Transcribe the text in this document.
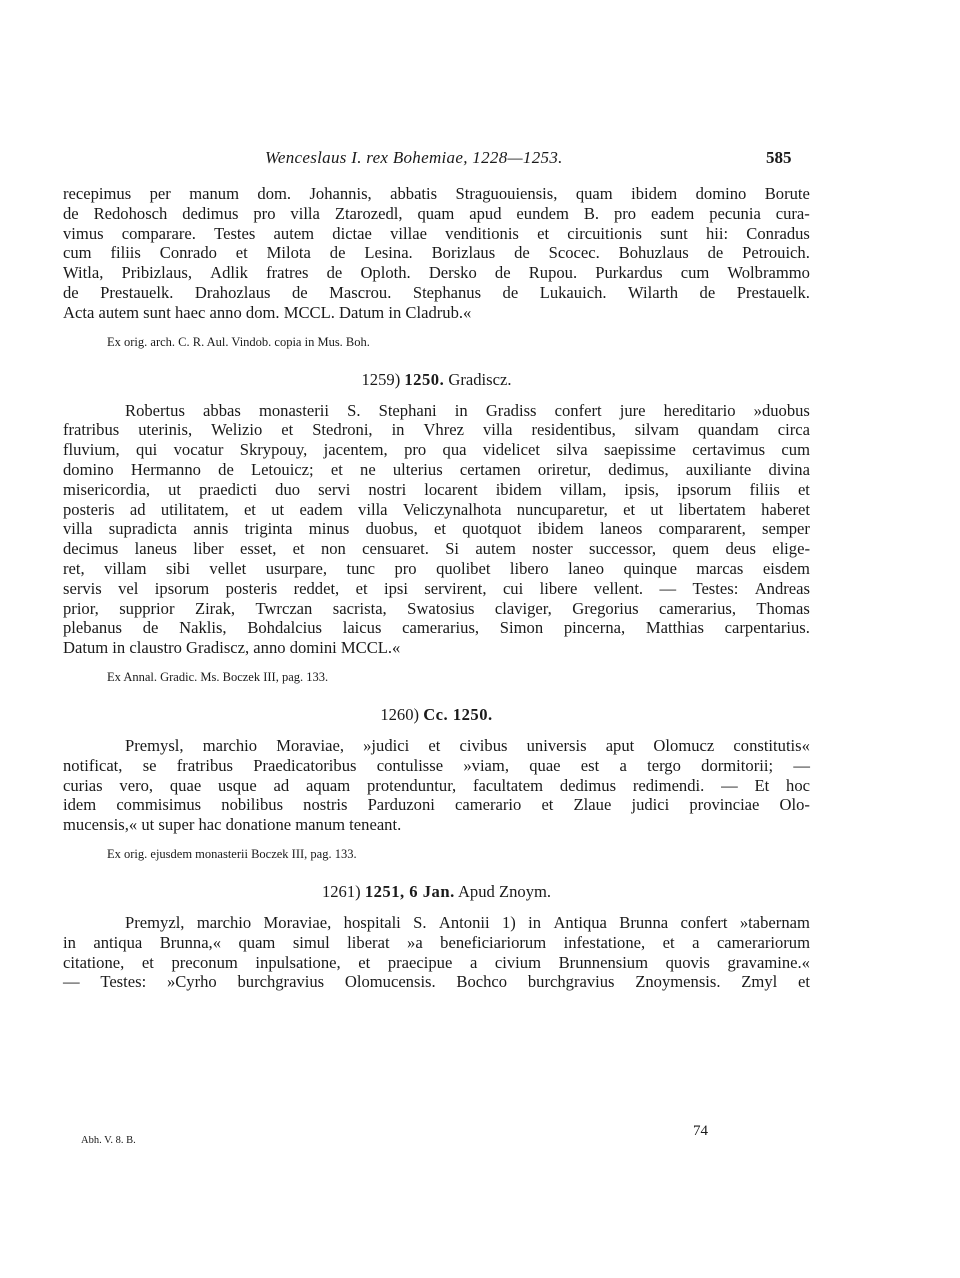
Wenceslaus I. rex Bohemiae, 1228—1253.	585
recepimus per manum dom. Johannis, abbatis Straguouiensis, quam ibidem domino Borute
de Redohosch dedimus pro villa Ztarozedl, quam apud eundem B. pro eadem pecunia cura-
vimus comparare. Testes autem dictae villae venditionis et circuitionis sunt hii: Conradus
cum filiis Conrado et Milota de Lesina. Borizlaus de Scocec. Bohuzlaus de Petrouich.
Witla, Pribizlaus, Adlik fratres de Oploth. Dersko de Rupou. Purkardus cum Wolbrammo
de Prestauelk. Drahozlaus de Mascrou. Stephanus de Lukauich. Wilarth de Prestauelk.
Acta autem sunt haec anno dom. MCCL. Datum in Cladrub.«
Ex orig. arch. C. R. Aul. Vindob. copia in Mus. Boh.
1259) 1250. Gradiscz.
Robertus abbas monasterii S. Stephani in Gradiss confert jure hereditario »duobus
fratribus uterinis, Welizio et Stedroni, in Vhrez villa residentibus, silvam quandam circa
fluvium, qui vocatur Skrypouy, jacentem, pro qua videlicet silva saepissime certavimus cum
domino Hermanno de Letouicz; et ne ulterius certamen oriretur, dedimus, auxiliante divina
misericordia, ut praedicti duo servi nostri locarent ibidem villam, ipsis, ipsorum filiis et
posteris ad utilitatem, et ut eadem villa Veliczynalhota nuncuparetur, et ut libertatem haberet
villa supradicta annis triginta minus duobus, et quotquot ibidem laneos compararent, semper
decimus laneus liber esset, et non censuaret. Si autem noster successor, quem deus elige-
ret, villam sibi vellet usurpare, tunc pro quolibet libero laneo quinque marcas eisdem
servis vel ipsorum posteris reddet, et ipsi servirent, cui libere vellent. — Testes: Andreas
prior, supprior Zirak, Twrczan sacrista, Swatosius claviger, Gregorius camerarius, Thomas
plebanus de Naklis, Bohdalcius laicus camerarius, Simon pincerna, Matthias carpentarius.
Datum in claustro Gradiscz, anno domini MCCL.«
Ex Annal. Gradic. Ms. Boczek III, pag. 133.
1260) Cc. 1250.
Premysl, marchio Moraviae, »judici et civibus universis aput Olomucz constitutis«
notificat, se fratribus Praedicatoribus contulisse »viam, quae est a tergo dormitorii; —
curias vero, quae usque ad aquam protenduntur, facultatem dedimus redimendi. — Et hoc
idem commisimus nobilibus nostris Parduzoni camerario et Zlaue judici provinciae Olo-
mucensis,« ut super hac donatione manum teneant.
Ex orig. ejusdem monasterii Boczek III, pag. 133.
1261) 1251, 6 Jan. Apud Znoym.
Premyzl, marchio Moraviae, hospitali S. Antonii 1) in Antiqua Brunna confert »tabernam
in antiqua Brunna,« quam simul liberat »a beneficiariorum infestatione, et a camerariorum
citatione, et preconum inpulsatione, et praecipue a civium Brunnensium quovis gravamine.«
— Testes: »Cyrho burchgravius Olomucensis. Bochco burchgravius Znoymensis. Zmyl et
Abh. V. 8. B.
74
